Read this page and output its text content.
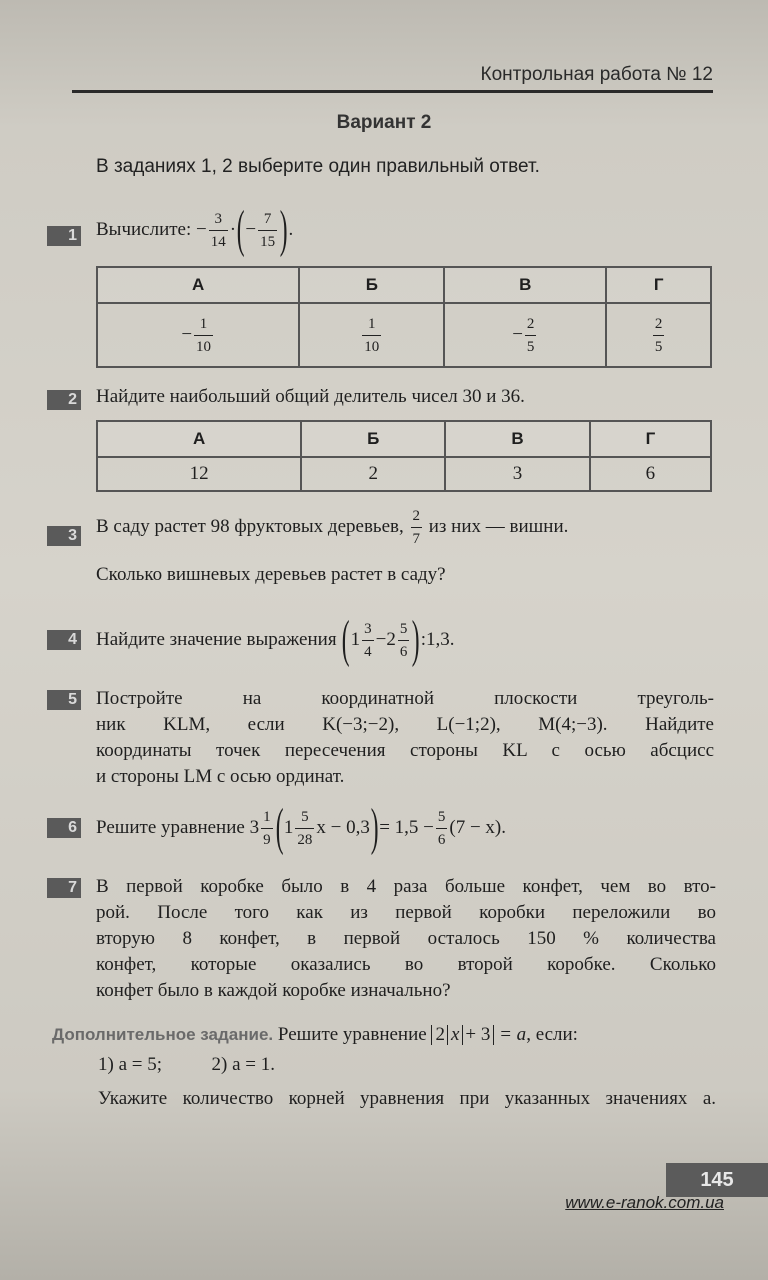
Контрольная работа № 12
Вариант 2
В заданиях 1, 2 выберите один правильный ответ.
1 Вычислите: − $\frac{3}{14}$ · ( − $\frac{7}{15}$ ) .
А	Б	В	Г
− $\frac{1}{10}$	$\frac{1}{10}$	− $\frac{2}{5}$	$\frac{2}{5}$
2 Найдите наибольший общий делитель чисел 30 и 36.
А	Б	В	Г
12	2	3	6
3 В саду растет 98 фруктовых деревьев, $\frac{2}{7}$ из них — вишни.
Сколько вишневых деревьев растет в саду?
4 Найдите значение выражения
( $1 \frac{3}{4} - 2 \frac{5}{6}$ ) :1,3.
5 Постройте на координатной плоскости треуголь-
ник KLM, если K(−3;−2), L(−1;2), M(4;−3). Найдите
координаты точек пересечения стороны KL с осью абсцисс
и стороны LM с осью ординат.
6 Решите уравнение
$3 \frac{1}{9}$ ( $1 \frac{5}{28}$ x − 0,3 ) = $1,5 - \frac{5}{6} (7 - x)$.
7 В первой коробке было в 4 раза больше конфет, чем во вто-
рой. После того как из первой коробки переложили во
вторую 8 конфет, в первой осталось 150 % количества
конфет, которые оказались во второй коробке. Сколько
конфет было в каждой коробке изначально?
Дополнительное задание. Решите уравнение 2 x + 3 = a, если:
1) a = 5;	2) a = 1.
Укажите количество корней уравнения при указанных значениях a.
145
www.e-ranok.com.ua
